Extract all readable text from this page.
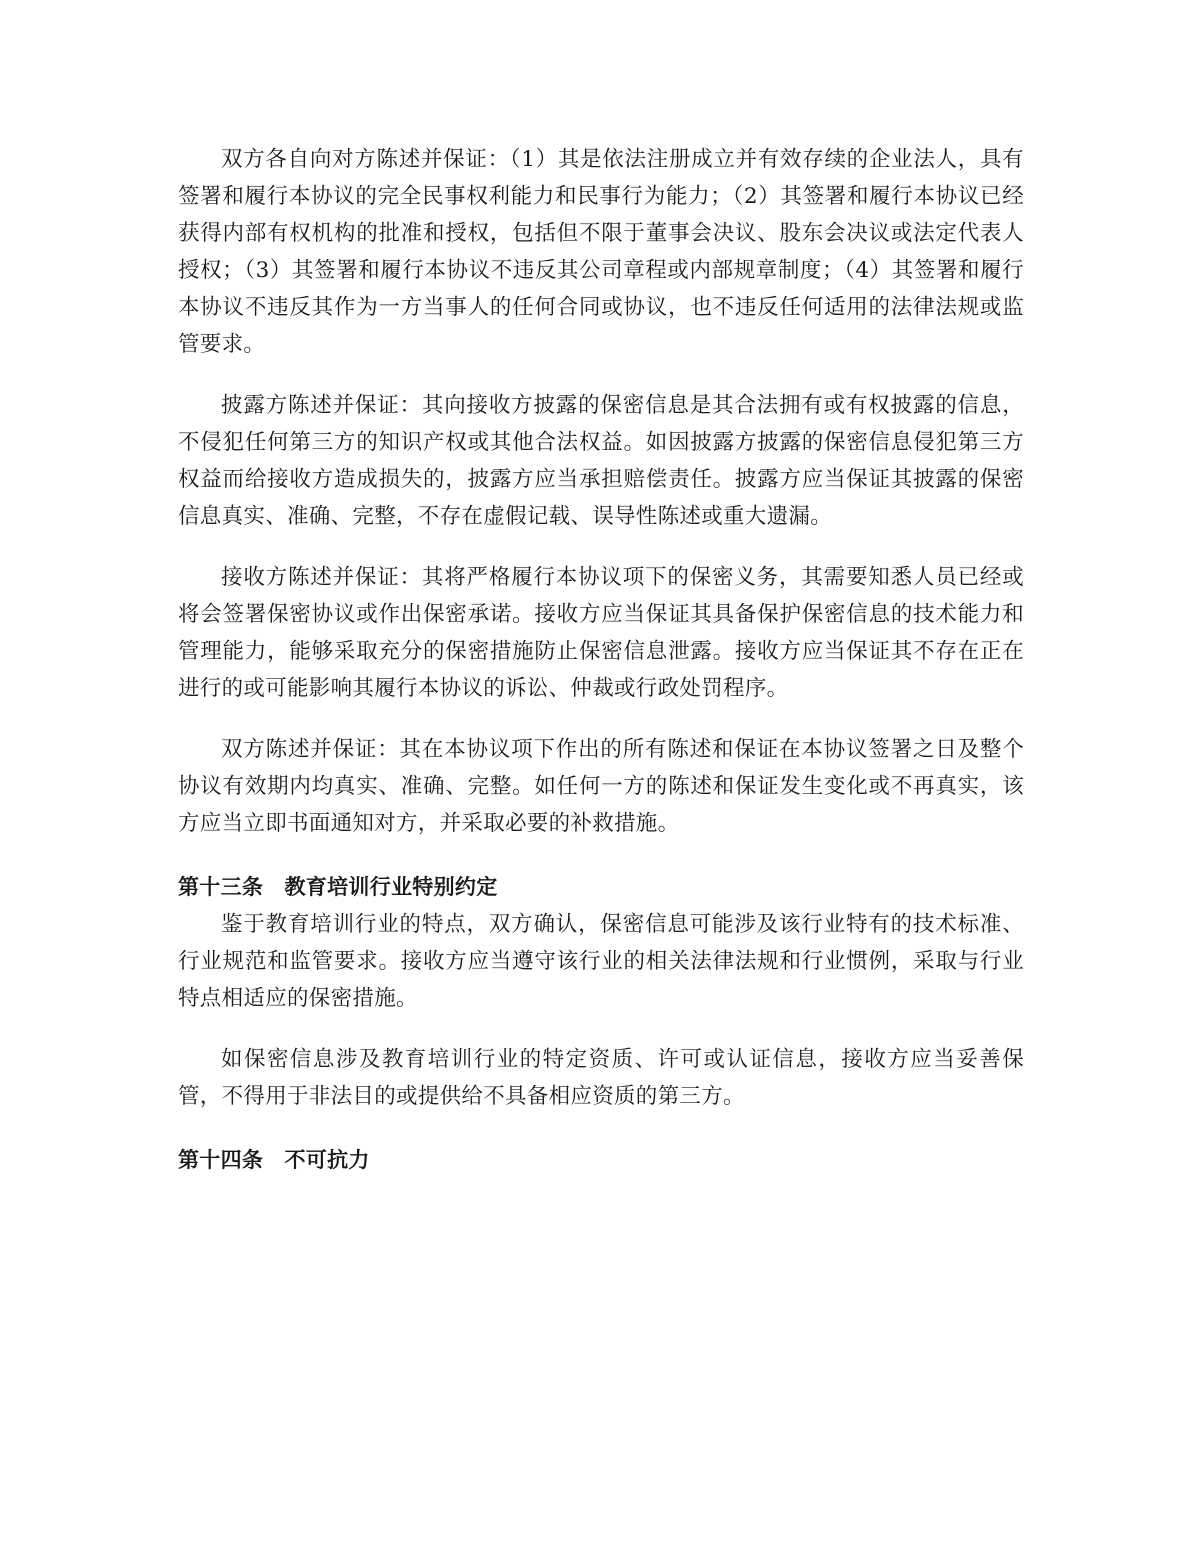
双方各自向对方陈述并保证：（1）其是依法注册成立并有效存续的企业法人，具有签署和履行本协议的完全民事权利能力和民事行为能力；（2）其签署和履行本协议已经获得内部有权机构的批准和授权，包括但不限于董事会决议、股东会决议或法定代表人授权；（3）其签署和履行本协议不违反其公司章程或内部规章制度；（4）其签署和履行本协议不违反其作为一方当事人的任何合同或协议，也不违反任何适用的法律法规或监管要求。

披露方陈述并保证：其向接收方披露的保密信息是其合法拥有或有权披露的信息，不侵犯任何第三方的知识产权或其他合法权益。如因披露方披露的保密信息侵犯第三方权益而给接收方造成损失的，披露方应当承担赔偿责任。披露方应当保证其披露的保密信息真实、准确、完整，不存在虚假记载、误导性陈述或重大遗漏。

接收方陈述并保证：其将严格履行本协议项下的保密义务，其需要知悉人员已经或将会签署保密协议或作出保密承诺。接收方应当保证其具备保护保密信息的技术能力和管理能力，能够采取充分的保密措施防止保密信息泄露。接收方应当保证其不存在正在进行的或可能影响其履行本协议的诉讼、仲裁或行政处罚程序。

双方陈述并保证：其在本协议项下作出的所有陈述和保证在本协议签署之日及整个协议有效期内均真实、准确、完整。如任何一方的陈述和保证发生变化或不再真实，该方应当立即书面通知对方，并采取必要的补救措施。

第十三条　教育培训行业特别约定

鉴于教育培训行业的特点，双方确认，保密信息可能涉及该行业特有的技术标准、行业规范和监管要求。接收方应当遵守该行业的相关法律法规和行业惯例，采取与行业特点相适应的保密措施。

如保密信息涉及教育培训行业的特定资质、许可或认证信息，接收方应当妥善保管，不得用于非法目的或提供给不具备相应资质的第三方。

第十四条　不可抗力
